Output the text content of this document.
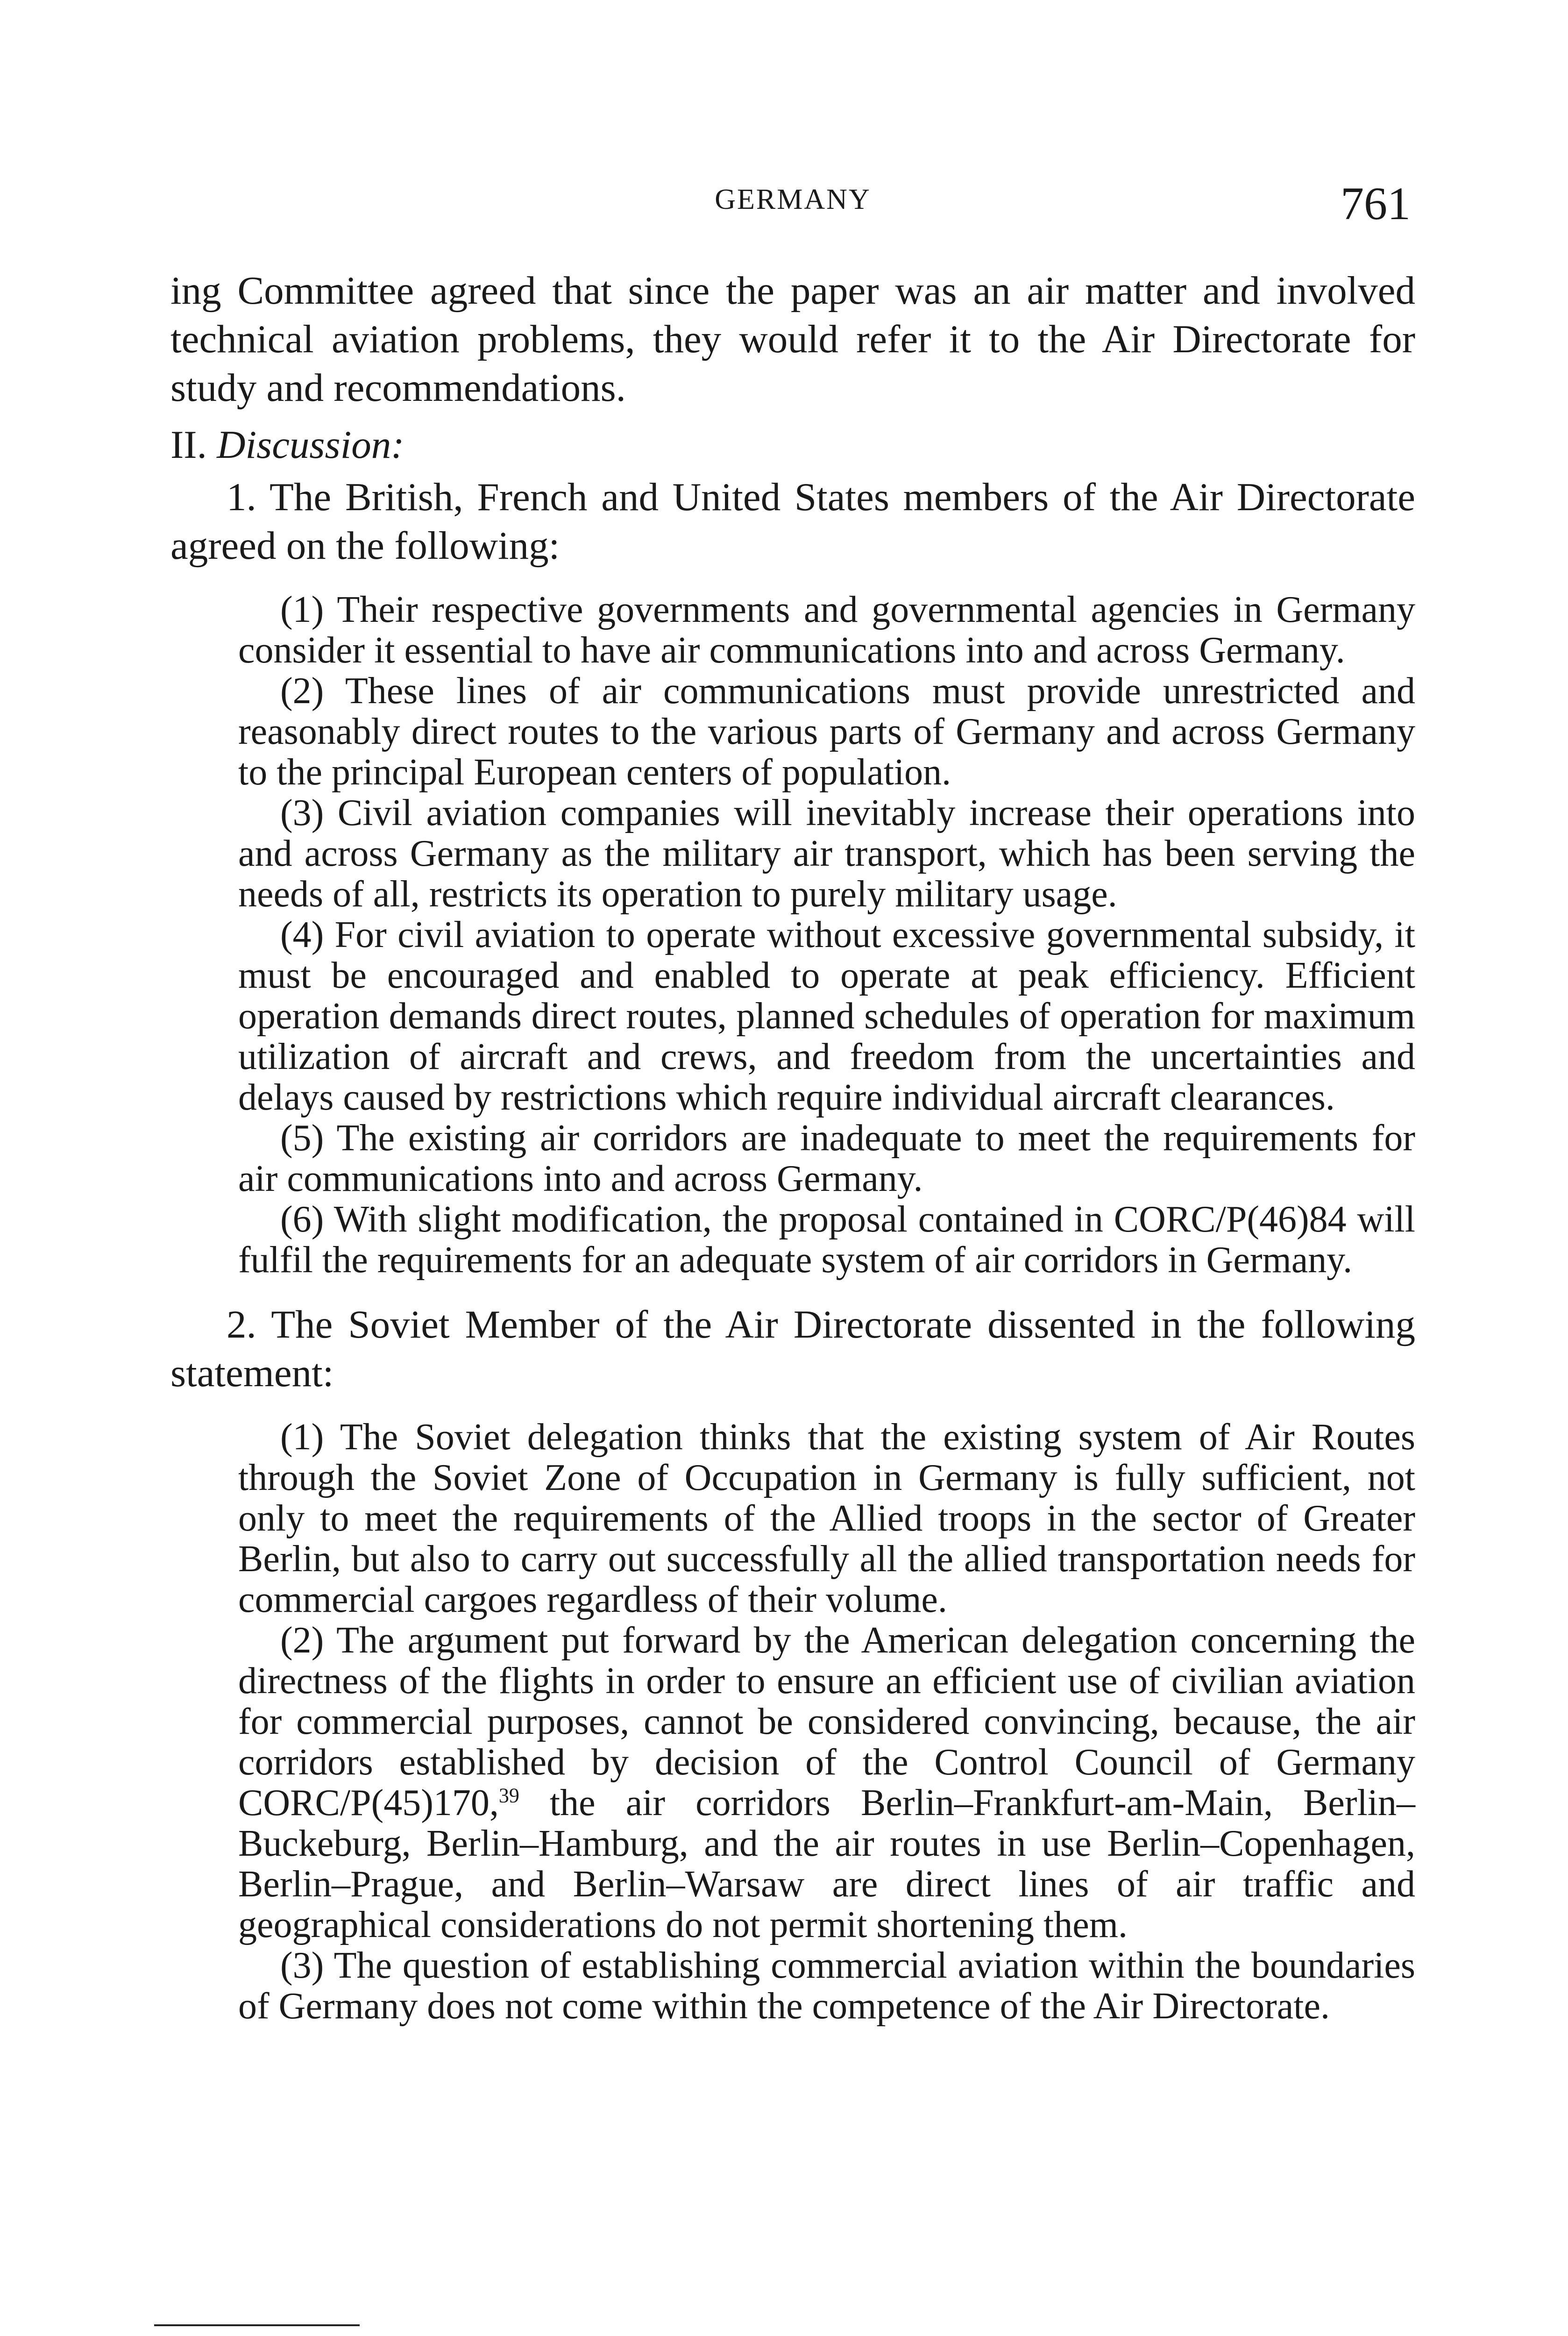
GERMANY	761

ing Committee agreed that since the paper was an air matter and involved technical aviation problems, they would refer it to the Air Directorate for study and recommendations.

II. Discussion:

1. The British, French and United States members of the Air Directorate agreed on the following:

(1) Their respective governments and governmental agencies in Germany consider it essential to have air communications into and across Germany.

(2) These lines of air communications must provide unrestricted and reasonably direct routes to the various parts of Germany and across Germany to the principal European centers of population.

(3) Civil aviation companies will inevitably increase their operations into and across Germany as the military air transport, which has been serving the needs of all, restricts its operation to purely military usage.

(4) For civil aviation to operate without excessive governmental subsidy, it must be encouraged and enabled to operate at peak efficiency. Efficient operation demands direct routes, planned schedules of operation for maximum utilization of aircraft and crews, and freedom from the uncertainties and delays caused by restrictions which require individual aircraft clearances.

(5) The existing air corridors are inadequate to meet the requirements for air communications into and across Germany.

(6) With slight modification, the proposal contained in CORC/P(46)84 will fulfil the requirements for an adequate system of air corridors in Germany.

2. The Soviet Member of the Air Directorate dissented in the following statement:

(1) The Soviet delegation thinks that the existing system of Air Routes through the Soviet Zone of Occupation in Germany is fully sufficient, not only to meet the requirements of the Allied troops in the sector of Greater Berlin, but also to carry out successfully all the allied transportation needs for commercial cargoes regardless of their volume.

(2) The argument put forward by the American delegation concerning the directness of the flights in order to ensure an efficient use of civilian aviation for commercial purposes, cannot be considered convincing, because, the air corridors established by decision of the Control Council of Germany CORC/P(45)170,39 the air corridors Berlin–Frankfurt-am-Main, Berlin–Buckeburg, Berlin–Hamburg, and the air routes in use Berlin–Copenhagen, Berlin–Prague, and Berlin–Warsaw are direct lines of air traffic and geographical considerations do not permit shortening them.

(3) The question of establishing commercial aviation within the boundaries of Germany does not come within the competence of the Air Directorate.
